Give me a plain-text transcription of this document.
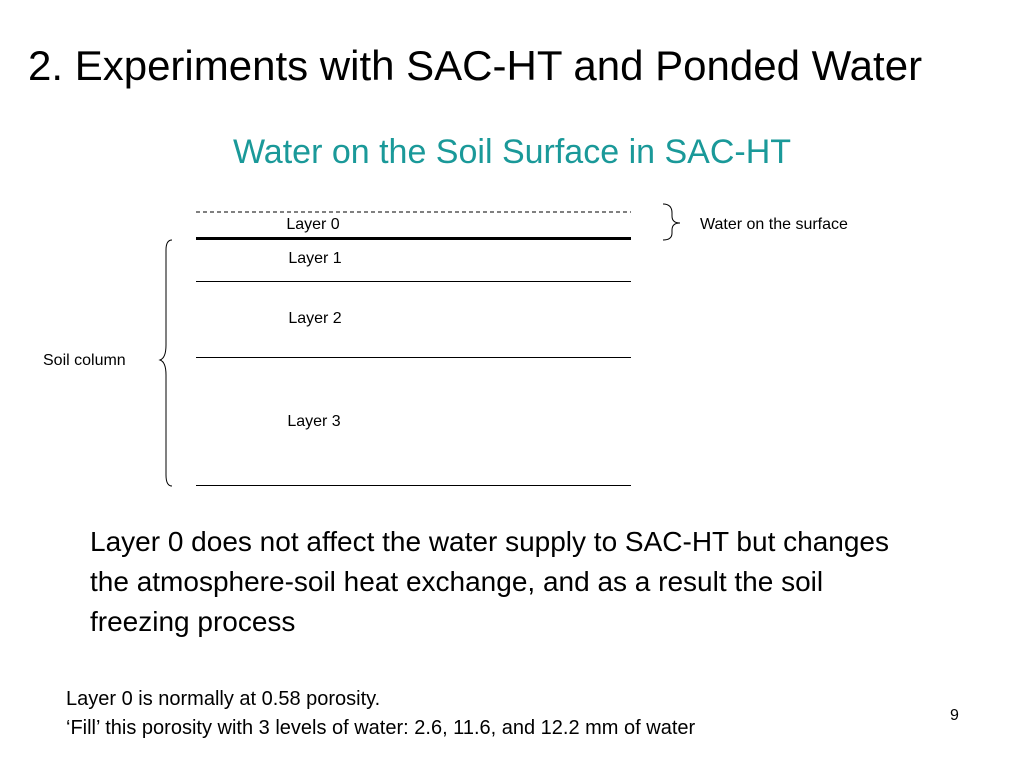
2. Experiments with SAC-HT and Ponded Water
Water on the Soil Surface in SAC-HT
Layer 0
Layer 1
Layer 2
Layer 3
Water on the surface
Soil column
Layer 0 does not affect the water supply to SAC-HT but changes the atmosphere-soil heat exchange, and as a result the soil freezing process
Layer 0 is normally at 0.58 porosity.
‘Fill’ this porosity with 3 levels of water: 2.6, 11.6, and 12.2 mm of water
9
